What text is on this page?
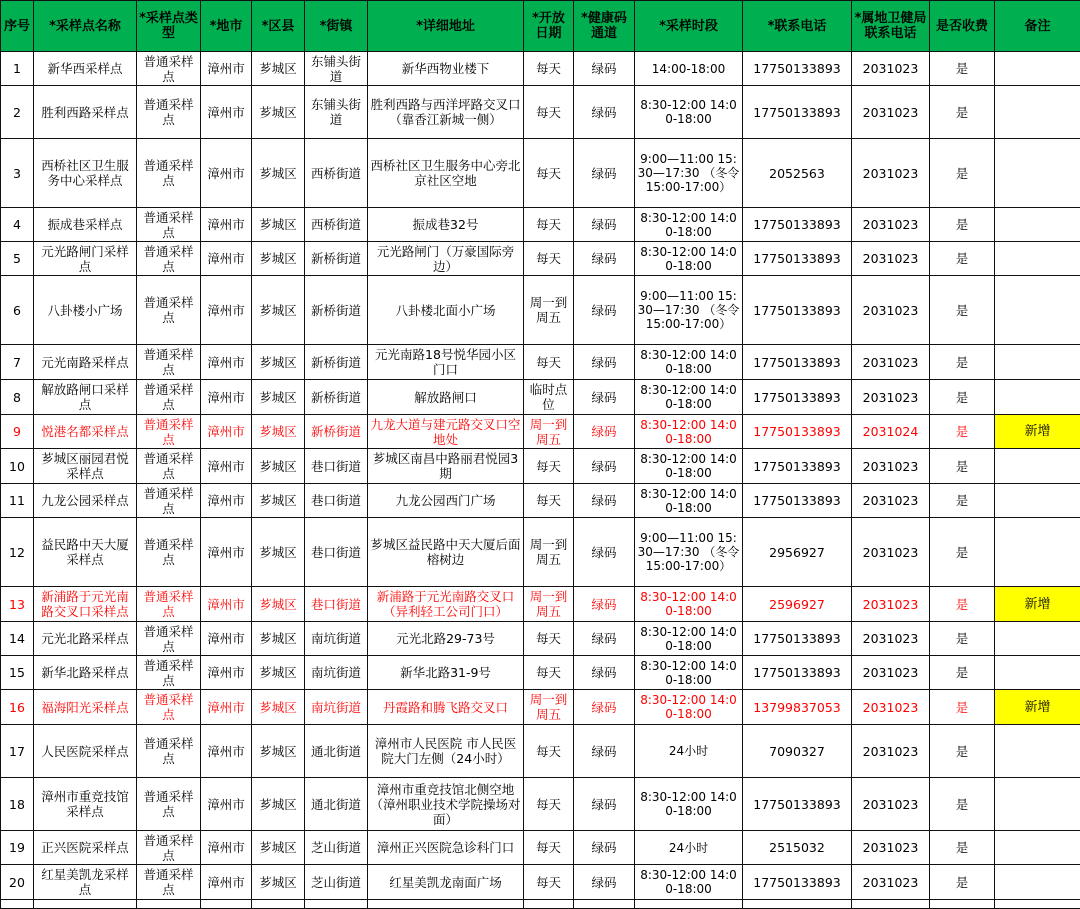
序号	*采样点名称	*采样点类型	*地市	*区县	*街镇	*详细地址	*开放日期	*健康码通道	*采样时段	*联系电话	*属地卫健局联系电话	是否收费	备注
1	新华西采样点	普通采样点	漳州市	芗城区	东铺头街道	新华西物业楼下	每天	绿码	14:00-18:00	17750133893	2031023	是	
2	胜利西路采样点	普通采样点	漳州市	芗城区	东铺头街道	胜利西路与西洋坪路交叉口（靠香江新城一侧）	每天	绿码	8:30-12:00 14:00-18:00	17750133893	2031023	是	
3	西桥社区卫生服务中心采样点	普通采样点	漳州市	芗城区	西桥街道	西桥社区卫生服务中心旁北京社区空地	每天	绿码	9:00—11:00 15:30—17:30 （冬令15:00-17:00）	2052563	2031023	是	
4	振成巷采样点	普通采样点	漳州市	芗城区	西桥街道	振成巷32号	每天	绿码	8:30-12:00 14:00-18:00	17750133893	2031023	是	
5	元光路闸门采样点	普通采样点	漳州市	芗城区	新桥街道	元光路闸门（万豪国际旁边）	每天	绿码	8:30-12:00 14:00-18:00	17750133893	2031023	是	
6	八卦楼小广场	普通采样点	漳州市	芗城区	新桥街道	八卦楼北面小广场	周一到周五	绿码	9:00—11:00 15:30—17:30 （冬令15:00-17:00）	17750133893	2031023	是	
7	元光南路采样点	普通采样点	漳州市	芗城区	新桥街道	元光南路18号悦华园小区门口	每天	绿码	8:30-12:00 14:00-18:00	17750133893	2031023	是	
8	解放路闸口采样点	普通采样点	漳州市	芗城区	新桥街道	解放路闸口	临时点位	绿码	8:30-12:00 14:00-18:00	17750133893	2031023	是	
9	悦港名都采样点	普通采样点	漳州市	芗城区	新桥街道	九龙大道与建元路交叉口空地处	周一到周五	绿码	8:30-12:00 14:00-18:00	17750133893	2031024	是	新增
10	芗城区丽园君悦采样点	普通采样点	漳州市	芗城区	巷口街道	芗城区南昌中路丽君悦园3期	每天	绿码	8:30-12:00 14:00-18:00	17750133893	2031023	是	
11	九龙公园采样点	普通采样点	漳州市	芗城区	巷口街道	九龙公园西门广场	每天	绿码	8:30-12:00 14:00-18:00	17750133893	2031023	是	
12	益民路中天大厦采样点	普通采样点	漳州市	芗城区	巷口街道	芗城区益民路中天大厦后面榕树边	周一到周五	绿码	9:00—11:00 15:30—17:30 （冬令15:00-17:00）	2956927	2031023	是	
13	新浦路于元光南路交叉口采样点	普通采样点	漳州市	芗城区	巷口街道	新浦路于元光南路交叉口（异利轻工公司门口）	周一到周五	绿码	8:30-12:00 14:00-18:00	2596927	2031023	是	新增
14	元光北路采样点	普通采样点	漳州市	芗城区	南坑街道	元光北路29-73号	每天	绿码	8:30-12:00 14:00-18:00	17750133893	2031023	是	
15	新华北路采样点	普通采样点	漳州市	芗城区	南坑街道	新华北路31-9号	每天	绿码	8:30-12:00 14:00-18:00	17750133893	2031023	是	
16	福海阳光采样点	普通采样点	漳州市	芗城区	南坑街道	丹霞路和腾飞路交叉口	周一到周五	绿码	8:30-12:00 14:00-18:00	13799837053	2031023	是	新增
17	人民医院采样点	普通采样点	漳州市	芗城区	通北街道	漳州市人民医院 市人民医院大门左侧（24小时）	每天	绿码	24小时	7090327	2031023	是	
18	漳州市重竞技馆采样点	普通采样点	漳州市	芗城区	通北街道	漳州市重竞技馆北侧空地（漳州职业技术学院操场对面）	每天	绿码	8:30-12:00 14:00-18:00	17750133893	2031023	是	
19	正兴医院采样点	普通采样点	漳州市	芗城区	芝山街道	漳州正兴医院急诊科门口	每天	绿码	24小时	2515032	2031023	是	
20	红星美凯龙采样点	普通采样点	漳州市	芗城区	芝山街道	红星美凯龙南面广场	每天	绿码	8:30-12:00 14:00-18:00	17750133893	2031023	是	
